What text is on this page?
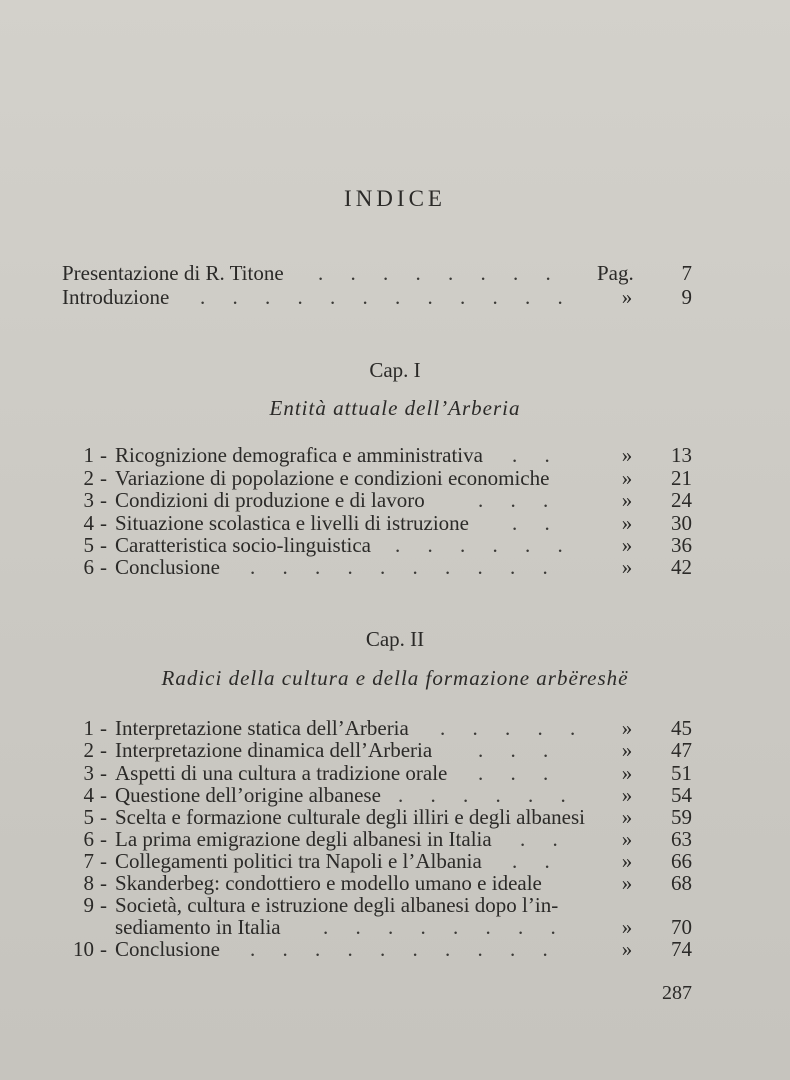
INDICE
Presentazione di R. Titone . . . . . . . . Pag.	7
Introduzione . . . . . . . . . . . .	»	9
Cap. I
Entità attuale dell’Arberia
1 - Ricognizione demografica e amministrativa . .	»	13
2 - Variazione di popolazione e condizioni economiche	»	21
3 - Condizioni di produzione e di lavoro	. . .	»	24
4 - Situazione scolastica e livelli di istruzione . .	»	30
5 - Caratteristica socio-linguistica . . . . . .	»	36
6 - Conclusione . . . . . . . . . .	»	42
Cap. II
Radici della cultura e della formazione arbëreshë
1 - Interpretazione statica dell’Arberia . . . . .	»	45
2 - Interpretazione dinamica dell’Arberia . . .	»	47
3 - Aspetti di una cultura a tradizione orale . . .	»	51
4 - Questione dell’origine albanese . . . . . .	»	54
5 - Scelta e formazione culturale degli illiri e degli albanesi	»	59
6 - La prima emigrazione degli albanesi in Italia . .	»	63
7 - Collegamenti politici tra Napoli e l’Albania . .	»	66
8 - Skanderbeg: condottiero e modello umano e ideale	»	68
9 - Società, cultura e istruzione degli albanesi dopo l’in-
sediamento in Italia . . . . . . . .	»	70
10 - Conclusione . . . . . . . . . .	»	74
287
